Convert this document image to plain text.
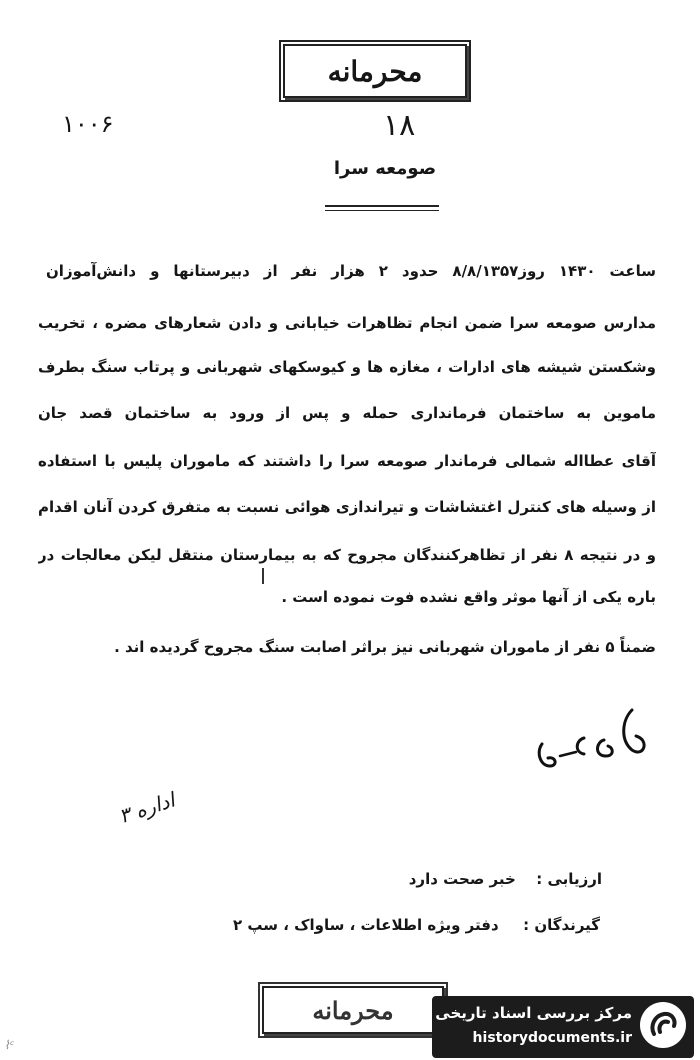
محرمانه
۱۰۰۶	۱۸
صومعه سرا
ساعت ۱۴۳۰ روز۸/۸/۱۳۵۷ حدود ۲ هزار نفر از دبیرستانها و دانش‌آموزان
مدارس صومعه سرا ضمن انجام تظاهرات خیابانی و دادن شعارهای مضره ، تخریب
وشکستن شیشه های ادارات ، مغازه ها و کیوسکهای شهربانی و پرتاب سنگ بطرف
ماموین به ساختمان فرمانداری حمله و پس از ورود به ساختمان قصد جان
آقای عطااله شمالی فرماندار صومعه سرا را داشتند که ماموران پلیس با استفاده
از وسیله های کنترل اغتشاشات و تیراندازی هوائی نسبت به متفرق کردن آنان اقدام
و در نتیجه ۸ نفر از تظاهرکنندگان مجروح که به بیمارستان منتقل لیکن معالجات در
باره یکی از آنها موثر واقع نشده فوت نموده است .
ضمناً ۵ نفر از ماموران شهربانی نیز براثر اصابت سنگ مجروح گردیده اند .
اداره ۳
ارزیابی :  خبر صحت دارد
گیرندگان :  دفتر ویژه اطلاعات ، ساواک ، سپ ۲
محرمانه	مرکز بررسی اسناد تاریخی
historydocuments.ir
⌇ᶜ
